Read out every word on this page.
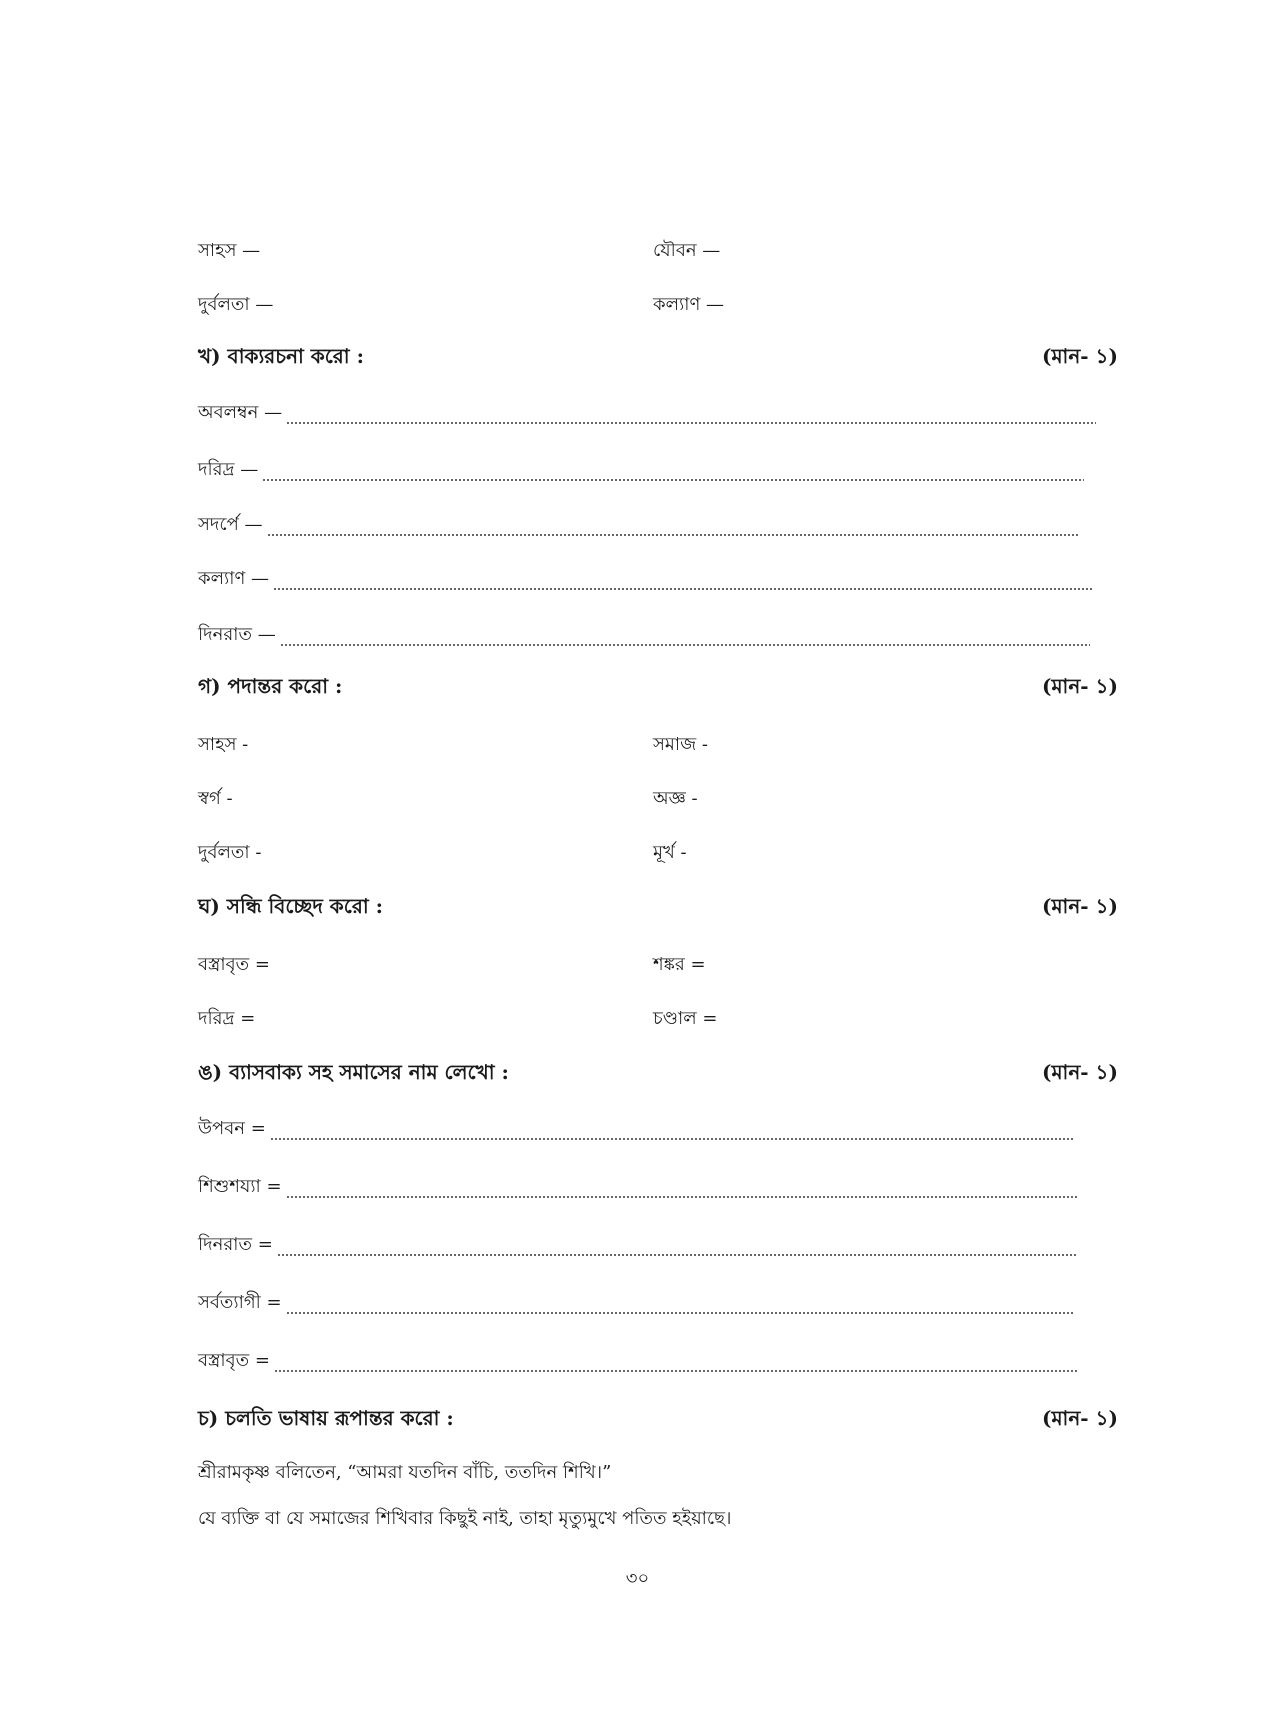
সাহস —	যৌবন —
দুর্বলতা —	কল্যাণ —
খ) বাক্যরচনা করো :	(মান- ১)
অবলম্বন —
দরিদ্র —
সদর্পে —
কল্যাণ —
দিনরাত —
গ) পদান্তর করো :	(মান- ১)
সাহস -	সমাজ -
স্বর্গ -	অজ্ঞ -
দুর্বলতা -	মূর্খ -
ঘ) সন্ধি বিচ্ছেদ করো :	(মান- ১)
বস্ত্রাবৃত =	শঙ্কর =
দরিদ্র =	চণ্ডাল =
ঙ) ব্যাসবাক্য সহ সমাসের নাম লেখো :	(মান- ১)
উপবন =
শিশুশয্যা =
দিনরাত =
সর্বত্যাগী =
বস্ত্রাবৃত =
চ) চলতি ভাষায় রূপান্তর করো :	(মান- ১)
শ্রীরামকৃষ্ণ বলিতেন, “আমরা যতদিন বাঁচি, ততদিন শিখি।”
যে ব্যক্তি বা যে সমাজের শিখিবার কিছুই নাই, তাহা মৃত্যুমুখে পতিত হইয়াছে।
৩০
